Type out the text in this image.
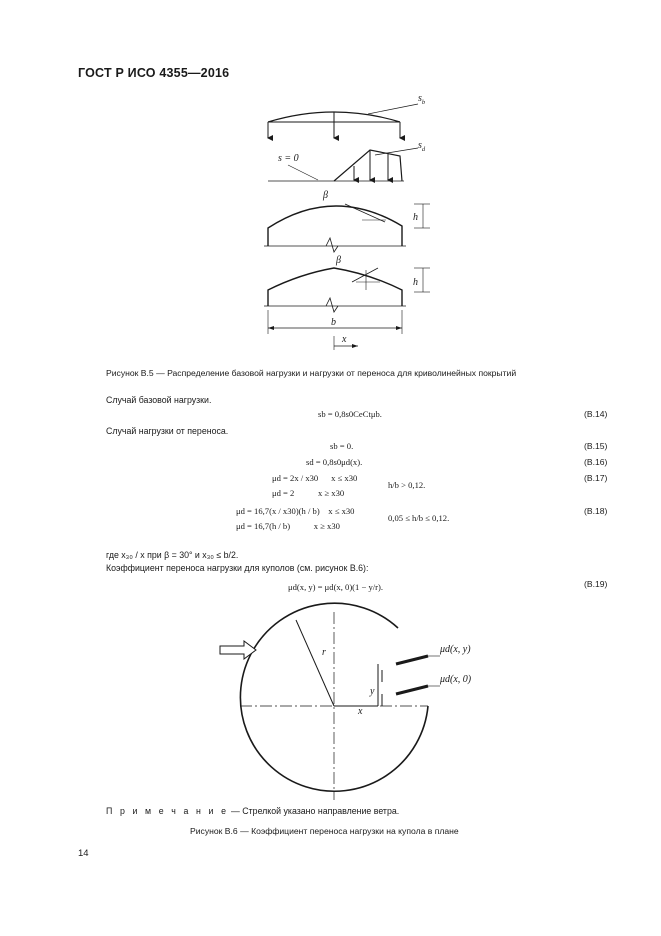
ГОСТ Р ИСО 4355—2016
$s_b$
$s_d$
s = 0
β
h
β
h
b
x
Рисунок В.5 — Распределение базовой нагрузки и нагрузки от переноса для криволинейных покрытий
Случай базовой нагрузки.
sb = 0,8s0CeCtμb.	(B.14)
Случай нагрузки от переноса.
sb = 0.	(B.15)
sd = 0,8s0μd(x).	(B.16)
μd = 2x / x30      x ≤ x30
μd = 2           x ≥ x30
h/b > 0,12.
(B.17)
μd = 16,7(x / x30)(h / b)    x ≤ x30
μd = 16,7(h / b)           x ≥ x30
0,05 ≤ h/b ≤ 0,12.
(B.18)
где x₃₀ / x при β = 30° и x₃₀ ≤ b/2.
Коэффициент переноса нагрузки для куполов (см. рисунок В.6):
μd(x, y) = μd(x, 0)(1 − y/r).	(B.19)
r
x
y
μd(x, y)
μd(x, 0)
П р и м е ч а н и е — Стрелкой указано направление ветра.
Рисунок В.6 — Коэффициент переноса нагрузки на купола в плане
14
